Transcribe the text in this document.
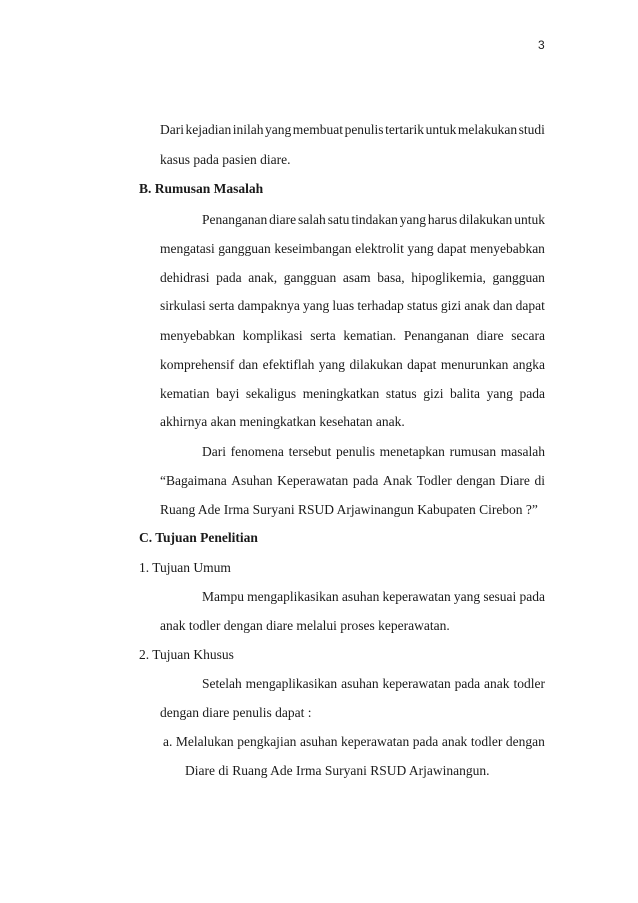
3
Dari kejadian inilah yang membuat penulis tertarik untuk melakukan studi
kasus pada pasien diare.
B. Rumusan Masalah
Penanganan diare salah satu tindakan yang harus dilakukan untuk
mengatasi gangguan keseimbangan elektrolit yang dapat menyebabkan
dehidrasi pada anak, gangguan asam basa, hipoglikemia, gangguan
sirkulasi serta dampaknya yang luas terhadap status gizi anak dan dapat
menyebabkan komplikasi serta kematian. Penanganan diare secara
komprehensif dan efektiflah yang dilakukan dapat menurunkan angka
kematian bayi sekaligus meningkatkan status gizi balita yang pada
akhirnya akan meningkatkan kesehatan anak.
Dari fenomena tersebut penulis menetapkan rumusan masalah
“Bagaimana Asuhan Keperawatan pada Anak Todler dengan Diare di
Ruang Ade Irma Suryani RSUD Arjawinangun Kabupaten Cirebon ?”
C. Tujuan Penelitian
1. Tujuan Umum
Mampu mengaplikasikan asuhan keperawatan yang sesuai pada
anak todler dengan diare melalui proses keperawatan.
2. Tujuan Khusus
Setelah mengaplikasikan asuhan keperawatan pada anak todler
dengan diare penulis dapat :
a. Melalukan pengkajian asuhan keperawatan pada anak todler dengan
Diare di Ruang Ade Irma Suryani RSUD Arjawinangun.
